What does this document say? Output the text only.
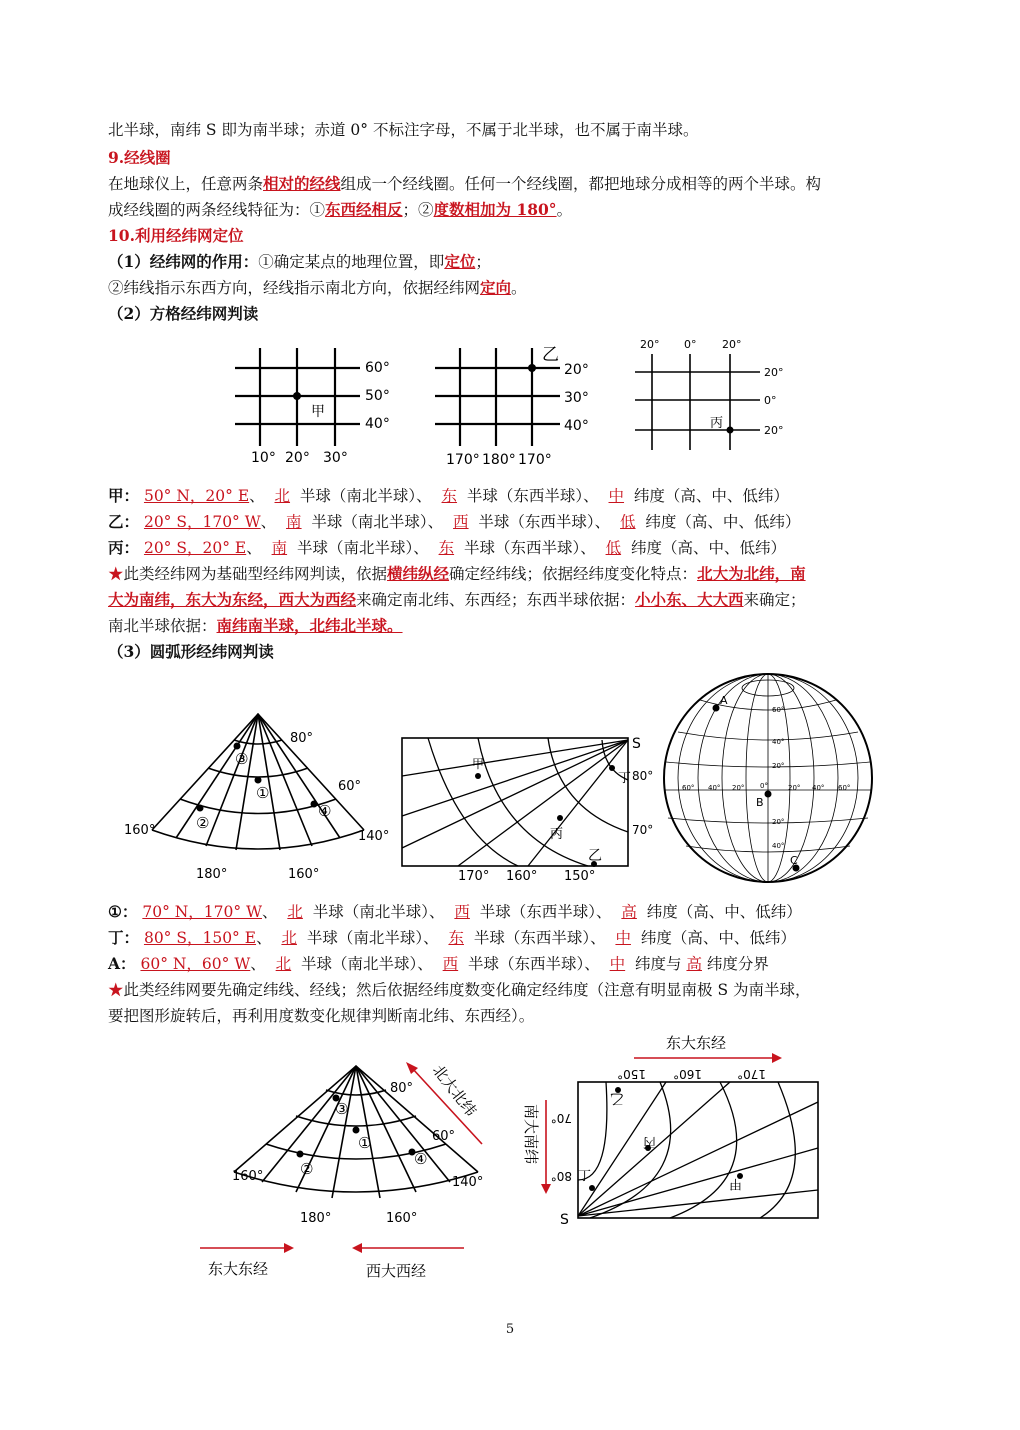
北半球，南纬 S 即为南半球；赤道 0° 不标注字母，不属于北半球，也不属于南半球。
9.经线圈
在地球仪上，任意两条相对的经线组成一个经线圈。任何一个经线圈，都把地球分成相等的两个半球。构
成经线圈的两条经线特征为：①东西经相反；②度数相加为 180°。
10.利用经纬网定位
（1）经纬网的作用：①确定某点的地理位置，即定位；
②纬线指示东西方向，经线指示南北方向，依据经纬网定向。
（2）方格经纬网判读
甲
60°
50°
40°
10° 20° 30°
乙
20°
30°
40°
170° 180° 170°
丙
20° 0° 20°
20°
0°
20°
甲： 50° N，20° E、 北 半球（南北半球）、 东 半球（东西半球）、 中 纬度（高、中、低纬）
乙： 20° S，170° W、 南 半球（南北半球）、 西 半球（东西半球）、 低 纬度（高、中、低纬）
丙： 20° S，20° E、 南 半球（南北半球）、 东 半球（东西半球）、 低 纬度（高、中、低纬）
★此类经纬网为基础型经纬网判读，依据横纬纵经确定经纬线；依据经纬度变化特点：北大为北纬，南
大为南纬，东大为东经，西大为西经来确定南北纬、东西经；东西半球依据：小小东、大大西来确定；
南北半球依据：南纬南半球，北纬北半球。
（3）圆弧形经纬网判读
③
①
②
④
80°
60°
160°
180°	160°
140°
甲
丙
丁
乙
S
80°
70°
170° 160° 150°
A
B
C
60° 40° 20° 0°	20° 40° 60°
60°
40°
20°
20°
40°
①： 70° N，170° W、 北 半球（南北半球）、 西 半球（东西半球）、 高 纬度（高、中、低纬）
丁： 80° S，150° E、 北 半球（南北半球）、 东 半球（东西半球）、 中 纬度（高、中、低纬）
A： 60° N，60° W、 北 半球（南北半球）、 西 半球（东西半球）、 中 纬度与 高 纬度分界
★此类经纬网要先确定纬线、经线；然后依据经纬度数变化确定经纬度（注意有明显南极 S 为南半球，
要把图形旋转后，再利用度数变化规律判断南北纬、东西经）。
③
①
②
④
80°
60°
160°
180°	160°
140°
北大北纬
东大东经	西大西经
东大东经
南大南纬
乙
丙
丁	甲
S
70°
80°
150° 160°	170°
5
